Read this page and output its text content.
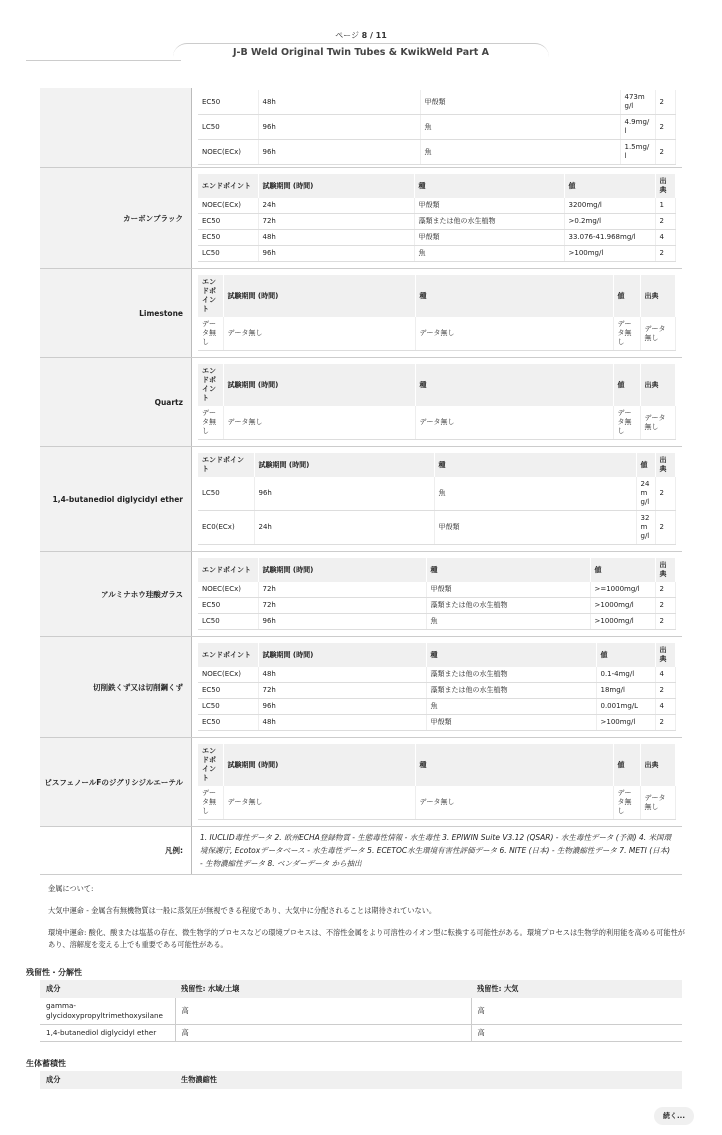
ページ 8 / 11
J-B Weld Original Twin Tubes & KwikWeld Part A

EC50	48h	甲殻類	473mg/l	2
LC50	96h	魚	4.9mg/l	2
NOEC(ECx)	96h	魚	1.5mg/l	2

カーボンブラック	
エンドポイント	試験期間 (時間)	種	値	出典
NOEC(ECx)	24h	甲殻類	3200mg/l	1
EC50	72h	藻類または他の水生植物	>0.2mg/l	2
EC50	48h	甲殻類	33.076-41.968mg/l	4
LC50	96h	魚	>100mg/l	2

Limestone	
エンドポイント	試験期間 (時間)	種	値	出典
データ無し	データ無し	データ無し	データ無し	データ無し

Quartz	
エンドポイント	試験期間 (時間)	種	値	出典
データ無し	データ無し	データ無し	データ無し	データ無し

1,4-butanediol diglycidyl ether	
エンドポイント	試験期間 (時間)	種	値	出典
LC50	96h	魚	24mg/l	2
EC0(ECx)	24h	甲殻類	32mg/l	2

アルミナホウ珪酸ガラス	
エンドポイント	試験期間 (時間)	種	値	出典
NOEC(ECx)	72h	甲殻類	>=1000mg/l	2
EC50	72h	藻類または他の水生植物	>1000mg/l	2
LC50	96h	魚	>1000mg/l	2

切削鉄くず又は切削鋼くず	
エンドポイント	試験期間 (時間)	種	値	出典
NOEC(ECx)	48h	藻類または他の水生植物	0.1-4mg/l	4
EC50	72h	藻類または他の水生植物	18mg/l	2
LC50	96h	魚	0.001mg/L	4
EC50	48h	甲殻類	>100mg/l	2

ビスフェノールFのジグリシジルエーテル	
エンドポイント	試験期間 (時間)	種	値	出典
データ無し	データ無し	データ無し	データ無し	データ無し

凡例:	1. IUCLID毒性データ 2. 欧州ECHA登録物質 - 生態毒性情報 - 水生毒性 3. EPIWIN Suite V3.12 (QSAR) - 水生毒性データ (予測) 4. 米国環境保護庁, Ecotoxデータベース - 水生毒性データ 5. ECETOC水生環境有害性評価データ 6. NITE (日本) - 生物濃縮性データ 7. METI (日本) - 生物濃縮性データ 8. ベンダーデータ から抽出
金属について:
大気中運命 - 金属含有無機物質は一般に蒸気圧が無視できる程度であり、大気中に分配されることは期待されていない。
環境中運命: 酸化、酸または塩基の存在、微生物学的プロセスなどの環境プロセスは、不溶性金属をより可溶性のイオン型に転換する可能性がある。環境プロセスは生物学的利用能を高める可能性があり、溶解度を変える上でも重要である可能性がある。
残留性・分解性
成分	残留性: 水域/土壌	残留性: 大気
gamma-glycidoxypropyltrimethoxysilane	高	高
1,4-butanediol diglycidyl ether	高	高
生体蓄積性
成分	生物濃縮性
続く...
